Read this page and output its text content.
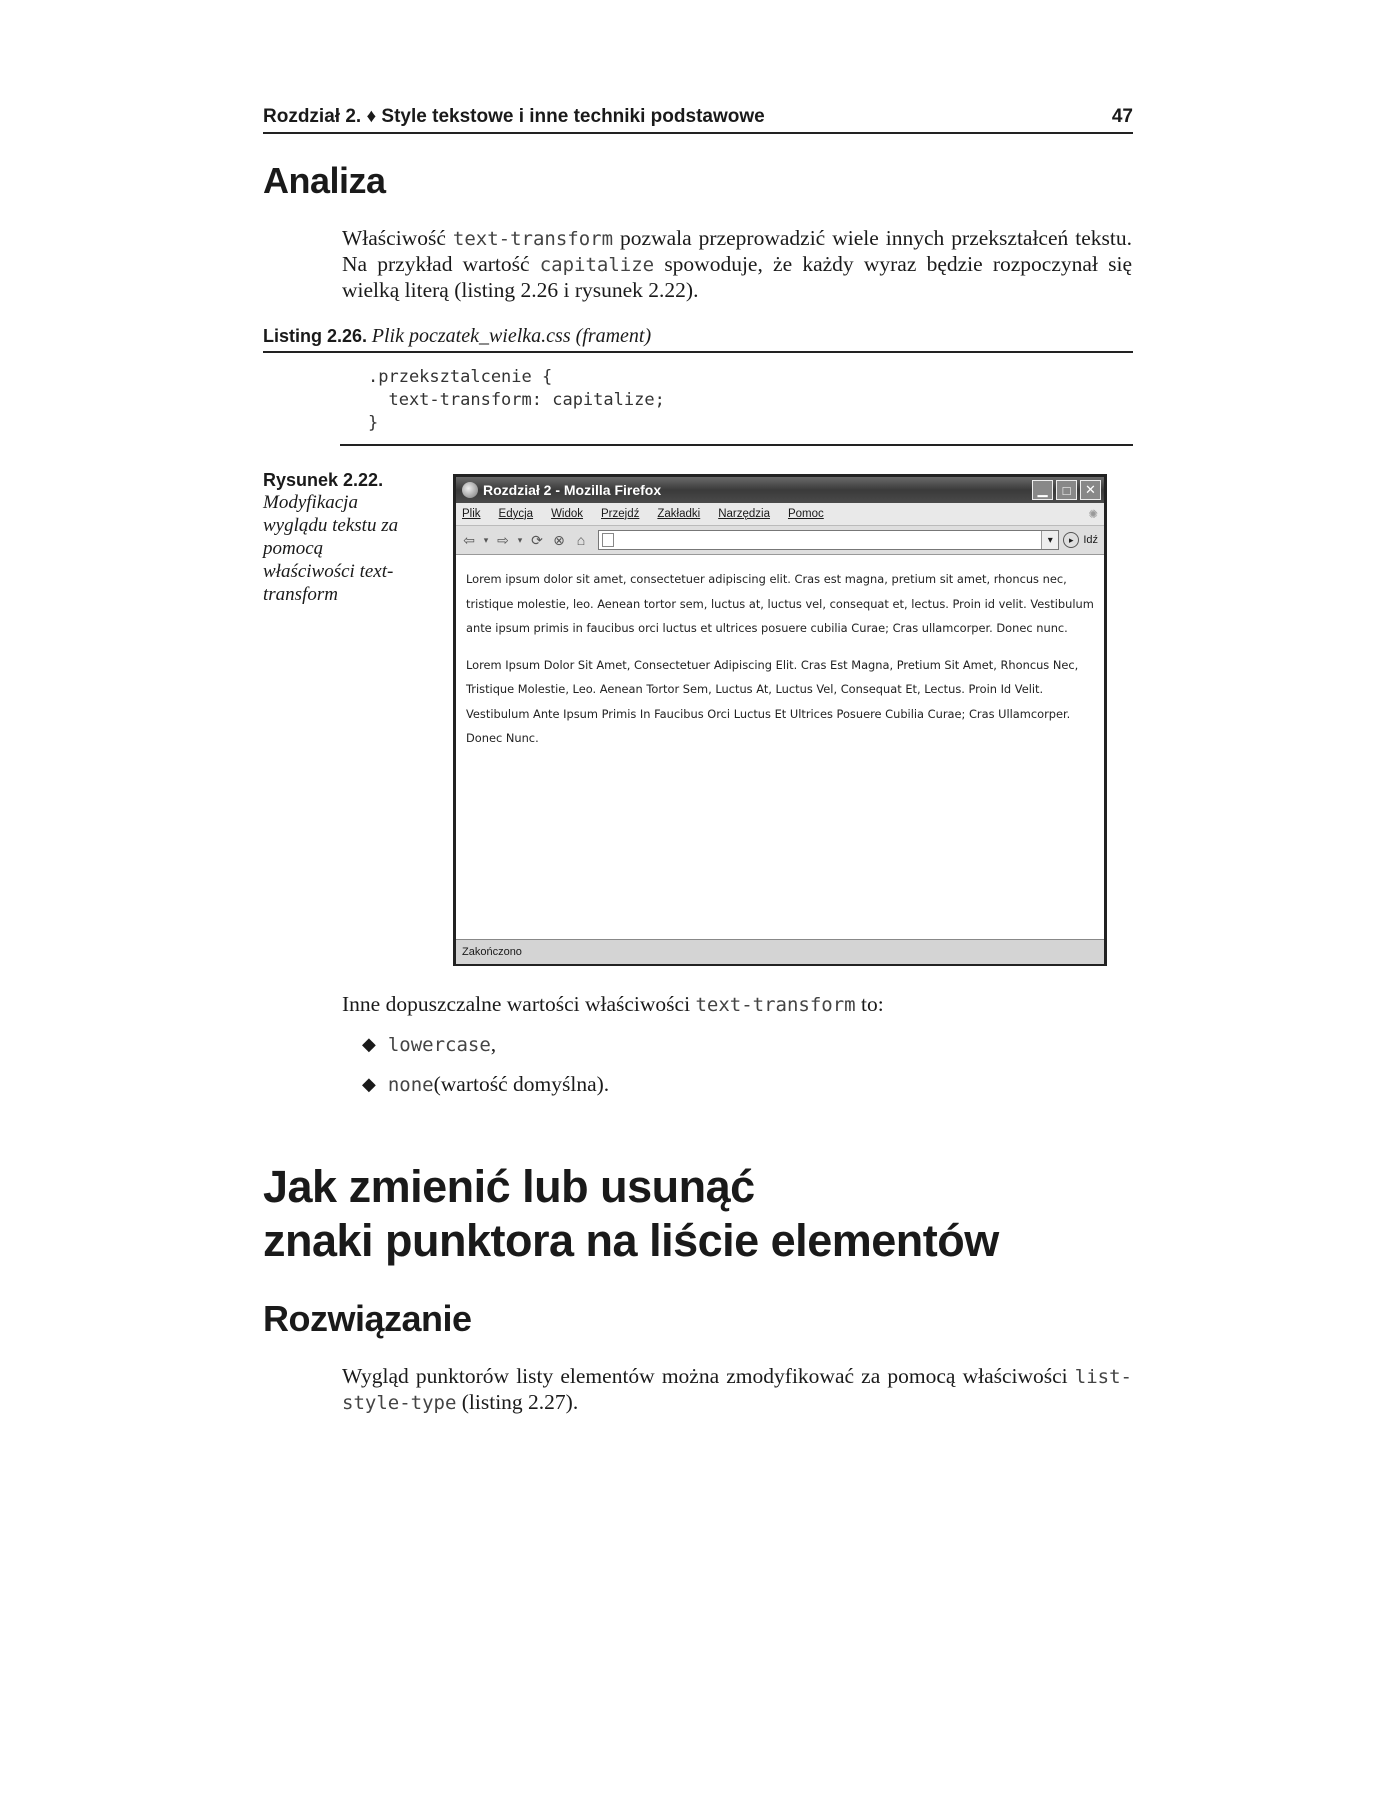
Rozdział 2. ♦ Style tekstowe i inne techniki podstawowe	47
Analiza
Właściwość text-transform pozwala przeprowadzić wiele innych przekształceń tekstu. Na przykład wartość capitalize spowoduje, że każdy wyraz będzie rozpoczynał się wielką literą (listing 2.26 i rysunek 2.22).
Listing 2.26. Plik poczatek_wielka.css (frament)
.przeksztalcenie {
text-transform: capitalize;
}
Rysunek 2.22.
Modyfikacja wyglądu tekstu za pomocą właściwości text-transform
Rozdział 2 - Mozilla Firefox	▁	□	✕
Plik Edycja Widok Przejdź Zakładki Narzędzia Pomoc	✺
⇦ ▾ ⇨ ▾ ⟳ ⊗ ⌂	▾	▸ Idź

Lorem ipsum dolor sit amet, consectetuer adipiscing elit. Cras est magna, pretium sit amet, rhoncus nec, tristique molestie, leo. Aenean tortor sem, luctus at, luctus vel, consequat et, lectus. Proin id velit. Vestibulum ante ipsum primis in faucibus orci luctus et ultrices posuere cubilia Curae; Cras ullamcorper. Donec nunc.

Lorem Ipsum Dolor Sit Amet, Consectetuer Adipiscing Elit. Cras Est Magna, Pretium Sit Amet, Rhoncus Nec, Tristique Molestie, Leo. Aenean Tortor Sem, Luctus At, Luctus Vel, Consequat Et, Lectus. Proin Id Velit. Vestibulum Ante Ipsum Primis In Faucibus Orci Luctus Et Ultrices Posuere Cubilia Curae; Cras Ullamcorper. Donec Nunc.

Zakończono
Inne dopuszczalne wartości właściwości text-transform to:
◆ lowercase ,
◆ none (wartość domyślna).
Jak zmienić lub usunąć
znaki punktora na liście elementów
Rozwiązanie
Wygląd punktorów listy elementów można zmodyfikować za pomocą właściwości list-style-type (listing 2.27).
